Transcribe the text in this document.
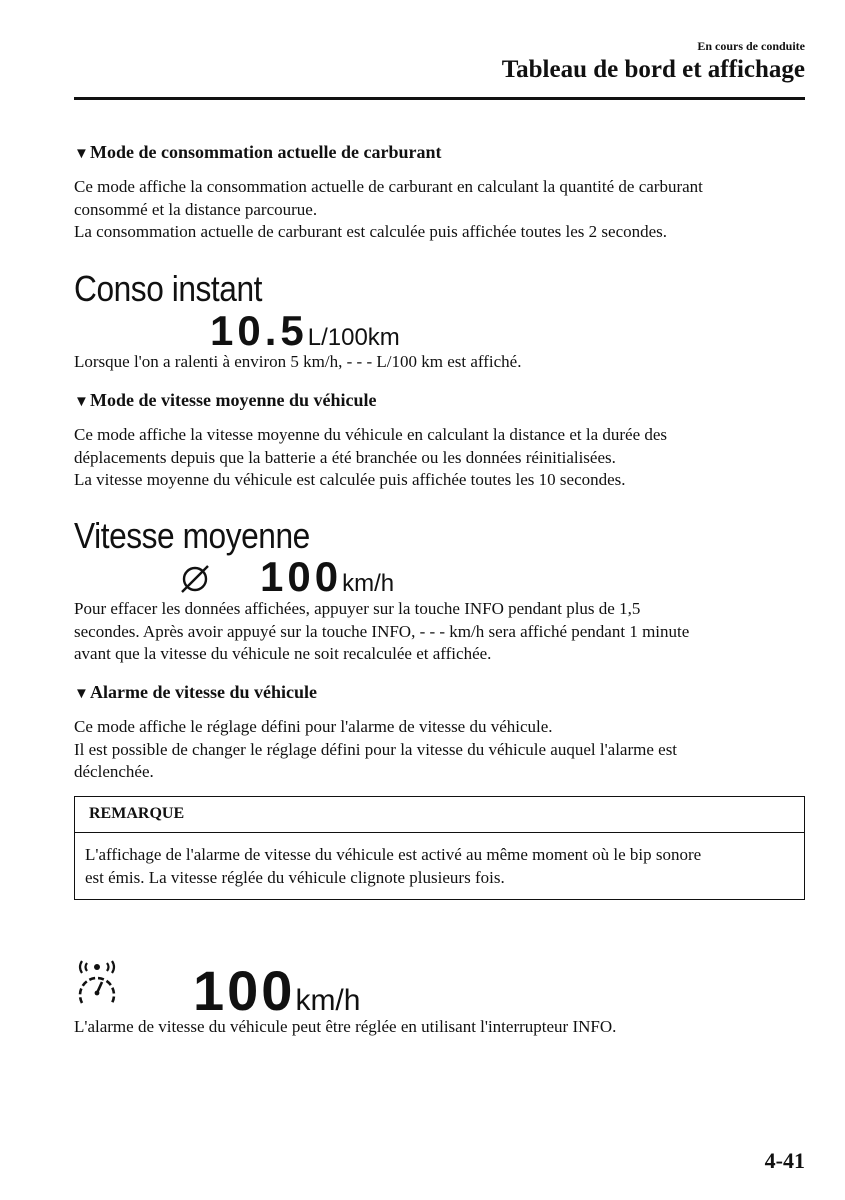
En cours de conduite
Tableau de bord et affichage
▼Mode de consommation actuelle de carburant
Ce mode affiche la consommation actuelle de carburant en calculant la quantité de carburant
consommé et la distance parcourue.
La consommation actuelle de carburant est calculée puis affichée toutes les 2 secondes.
Conso instant
10.5L/100km
Lorsque l'on a ralenti à environ 5 km/h, - - - L/100 km est affiché.
▼Mode de vitesse moyenne du véhicule
Ce mode affiche la vitesse moyenne du véhicule en calculant la distance et la durée des
déplacements depuis que la batterie a été branchée ou les données réinitialisées.
La vitesse moyenne du véhicule est calculée puis affichée toutes les 10 secondes.
Vitesse moyenne
100km/h
Pour effacer les données affichées, appuyer sur la touche INFO pendant plus de 1,5
secondes. Après avoir appuyé sur la touche INFO, - - - km/h sera affiché pendant 1 minute
avant que la vitesse du véhicule ne soit recalculée et affichée.
▼Alarme de vitesse du véhicule
Ce mode affiche le réglage défini pour l'alarme de vitesse du véhicule.
Il est possible de changer le réglage défini pour la vitesse du véhicule auquel l'alarme est
déclenchée.
REMARQUE
L'affichage de l'alarme de vitesse du véhicule est activé au même moment où le bip sonore
est émis. La vitesse réglée du véhicule clignote plusieurs fois.
100km/h
L'alarme de vitesse du véhicule peut être réglée en utilisant l'interrupteur INFO.
4-41
